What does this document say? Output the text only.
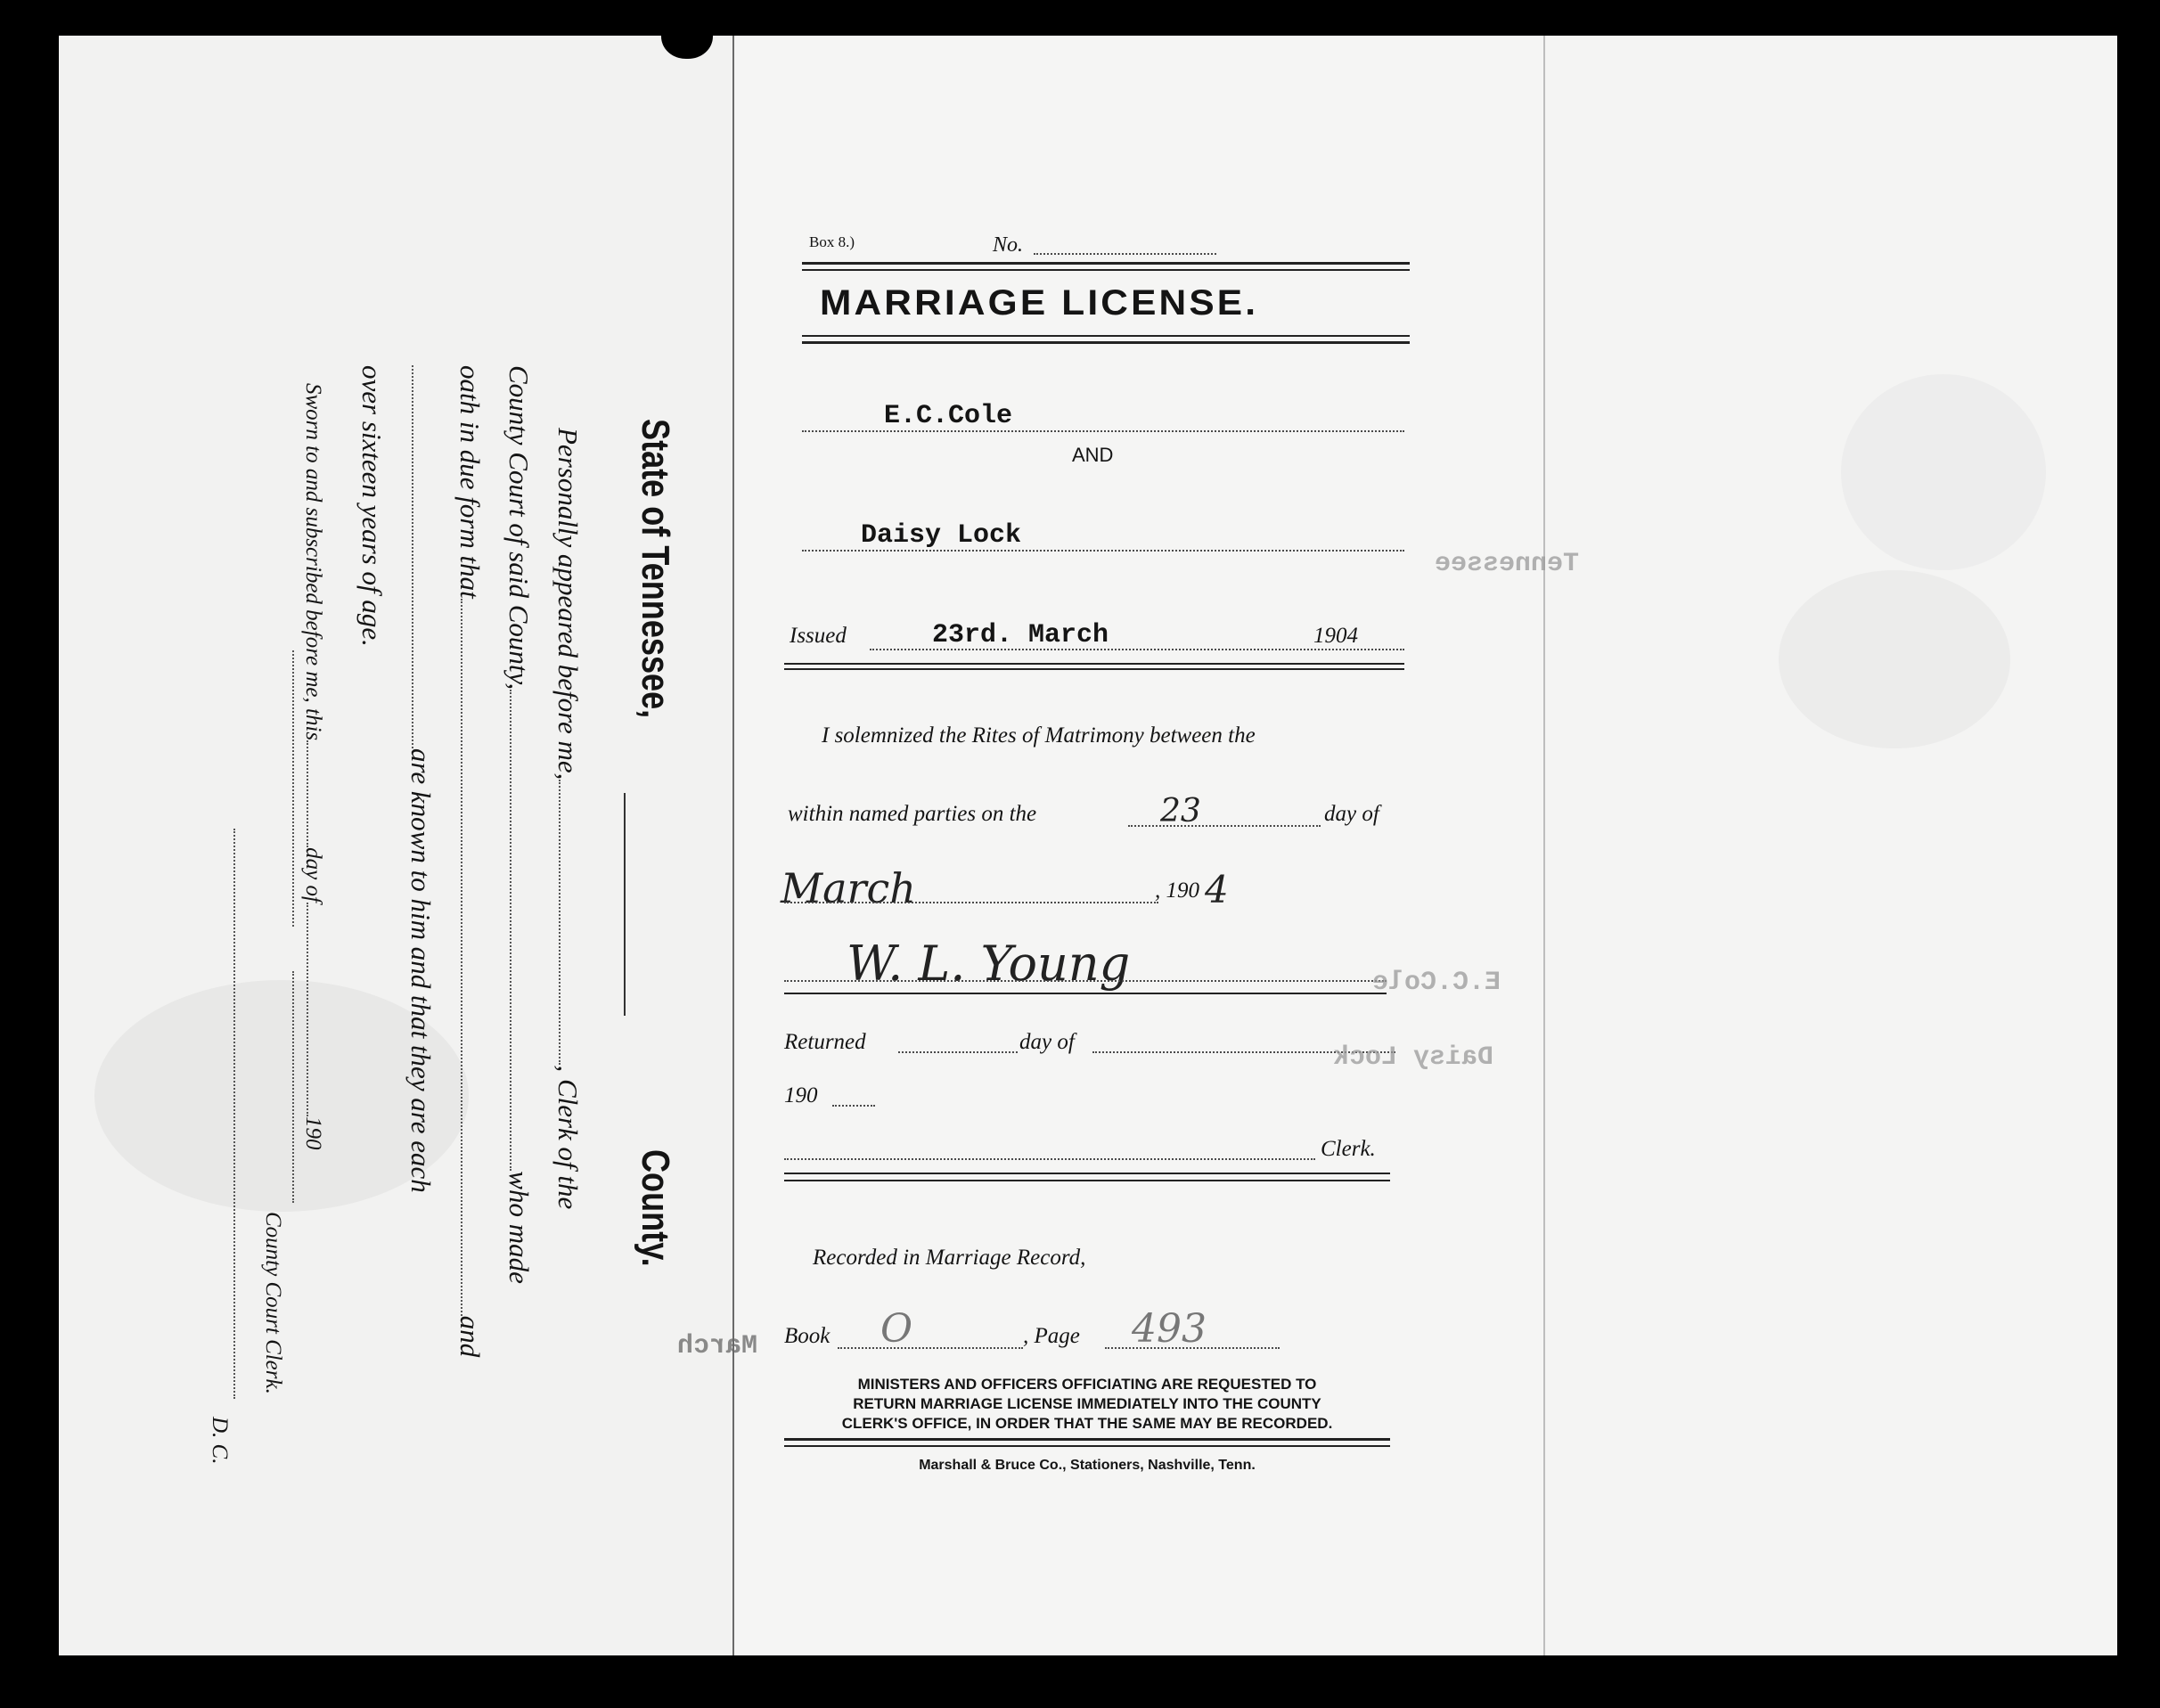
State of Tennessee,
County.
Personally appeared before me,, Clerk of the
County Court of said County,who made
oath in due form thatand
are known to him and that they are each
over sixteen years of age.
Sworn to and subscribed before me, thisday of190
County Court Clerk.
D. C.
Box 8.)	No.
MARRIAGE LICENSE.
E.C.Cole
AND
Daisy Lock
Issued	23rd. March	1904
I solemnized the Rites of Matrimony between the
within named parties on the	23	day of
March	, 190 4
W. L. Young
Returned	day of
190
Clerk.
Recorded in Marriage Record,
Book O	, Page 493
MINISTERS AND OFFICERS OFFICIATING ARE REQUESTED TO
RETURN MARRIAGE LICENSE IMMEDIATELY INTO THE COUNTY
CLERK'S OFFICE, IN ORDER THAT THE SAME MAY BE RECORDED.
Marshall & Bruce Co., Stationers, Nashville, Tenn.
Tennessee
E.C.Cole
Daisy Lock
March
